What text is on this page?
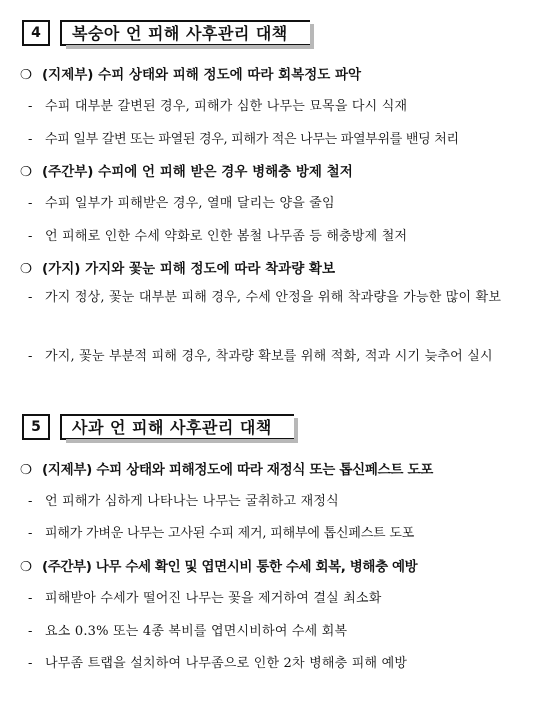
4	복숭아 언 피해 사후관리 대책
❍ (지제부) 수피 상태와 피해 정도에 따라 회복정도 파악
- 수피 대부분 갈변된 경우, 피해가 심한 나무는 묘목을 다시 식재
- 수피 일부 갈변 또는 파열된 경우, 피해가 적은 나무는 파열부위를 밴딩 처리
❍ (주간부) 수피에 언 피해 받은 경우 병해충 방제 철저
- 수피 일부가 피해받은 경우, 열매 달리는 양을 줄임
- 언 피해로 인한 수세 약화로 인한 봄철 나무좀 등 해충방제 철저
❍ (가지) 가지와 꽃눈 피해 정도에 따라 착과량 확보
- 가지 정상, 꽃눈 대부분 피해 경우, 수세 안정을 위해 착과량을 가능한 많이 확보
- 가지, 꽃눈 부분적 피해 경우, 착과량 확보를 위해 적화, 적과 시기 늦추어 실시
5	사과 언 피해 사후관리 대책
❍ (지제부) 수피 상태와 피해정도에 따라 재정식 또는 톱신페스트 도포
- 언 피해가 심하게 나타나는 나무는 굴취하고 재정식
- 피해가 가벼운 나무는 고사된 수피 제거, 피해부에 톱신페스트 도포
❍ (주간부) 나무 수세 확인 및 엽면시비 통한 수세 회복, 병해충 예방
- 피해받아 수세가 떨어진 나무는 꽃을 제거하여 결실 최소화
- 요소 0.3% 또는 4종 복비를 엽면시비하여 수세 회복
- 나무좀 트랩을 설치하여 나무좀으로 인한 2차 병해충 피해 예방
